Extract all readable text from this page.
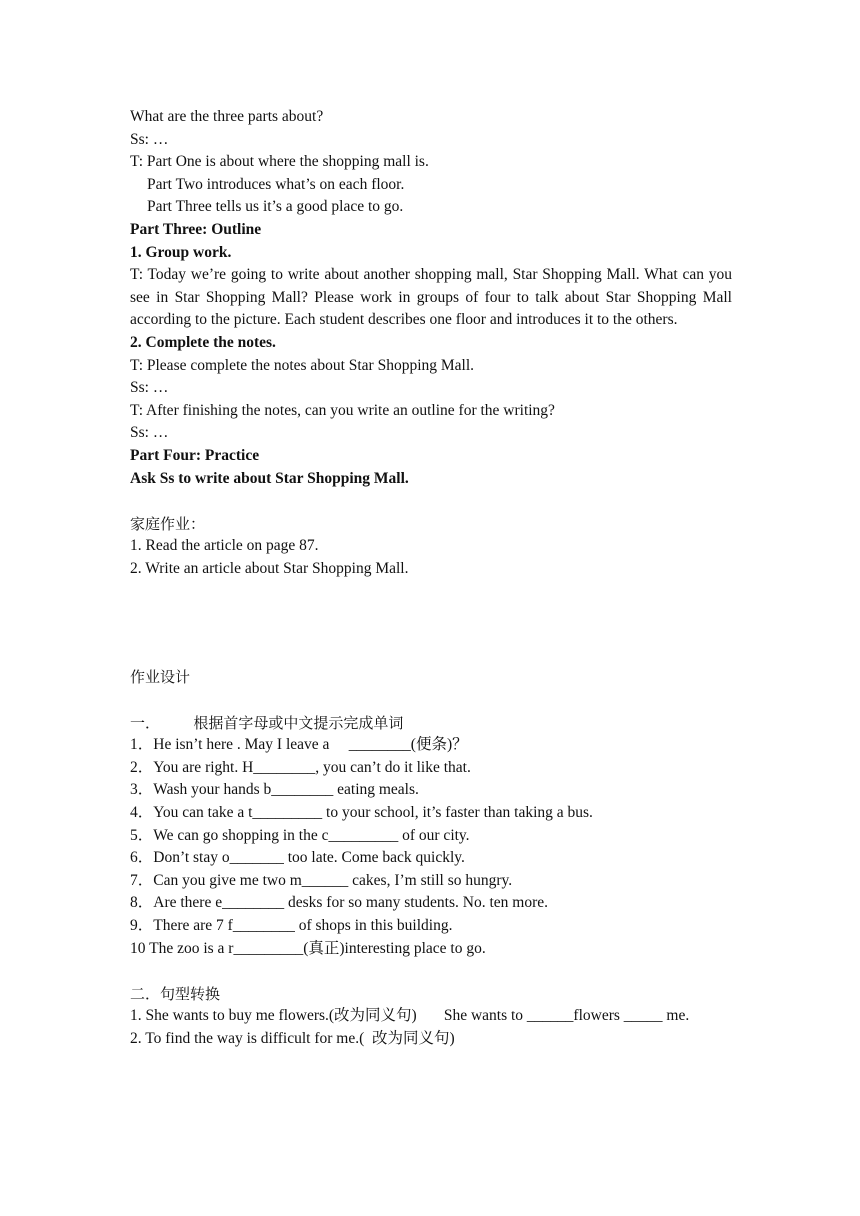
What are the three parts about?
Ss: …
T: Part One is about where the shopping mall is.
Part Two introduces what’s on each floor.
Part Three tells us it’s a good place to go.
Part Three: Outline
1. Group work.
T: Today we’re going to write about another shopping mall, Star Shopping Mall. What can you see in Star Shopping Mall? Please work in groups of four to talk about Star Shopping Mall according to the picture. Each student describes one floor and introduces it to the others.
2. Complete the notes.
T: Please complete the notes about Star Shopping Mall.
Ss: …
T: After finishing the notes, can you write an outline for the writing?
Ss: …
Part Four: Practice
Ask Ss to write about Star Shopping Mall.
家庭作业：
1. Read the article on page 87.
2. Write an article about Star Shopping Mall.
作业设计
一．       根据首字母或中文提示完成单词
1．He isn’t here . May I leave a     ________(便条)？
2．You are right. H________, you can’t do it like that.
3．Wash your hands b________ eating meals.
4．You can take a t_________ to your school, it’s faster than taking a bus.
5．We can go shopping in the c_________ of our city.
6．Don’t stay o_______ too late. Come back quickly.
7．Can you give me two m______ cakes, I’m still so hungry.
8．Are there e________ desks for so many students. No. ten more.
9．There are 7 f________ of shops in this building.
10 The zoo is a r_________(真正)interesting place to go.
二．句型转换
1. She wants to buy me flowers.(改为同义句)       She wants to ______flowers _____ me.
2. To find the way is difficult for me.(  改为同义句)
